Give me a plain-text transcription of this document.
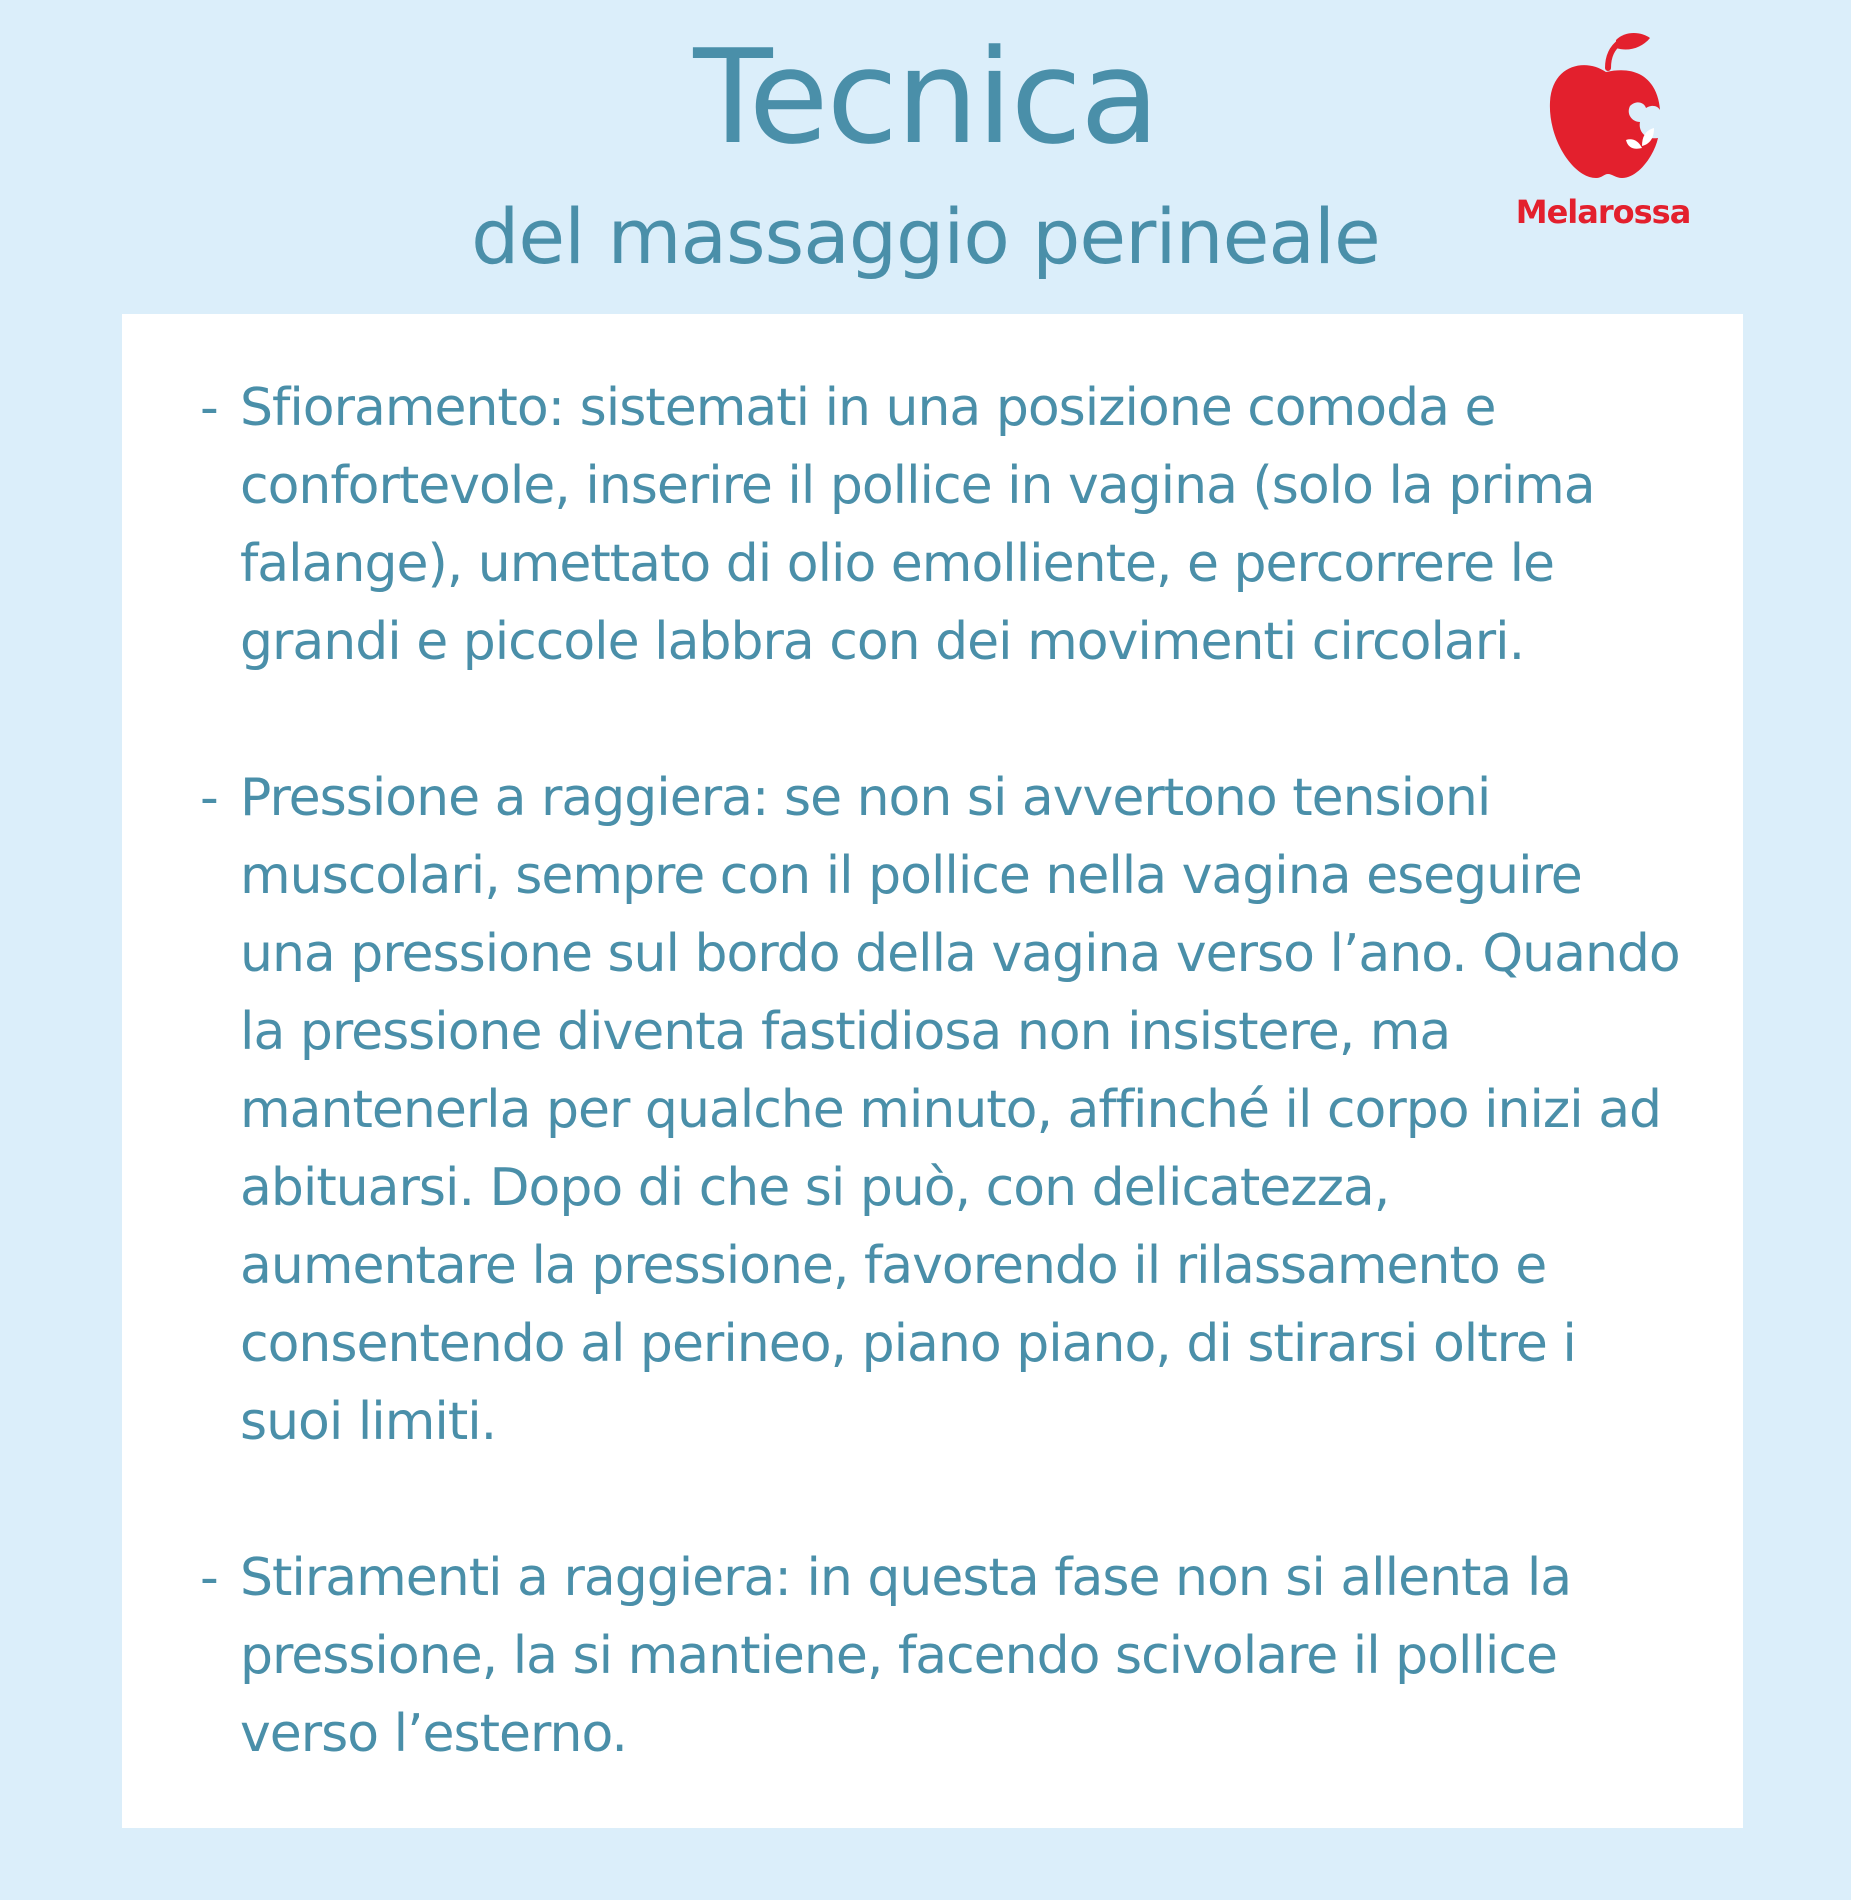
Tecnica
del massaggio perineale	Melarossa
- Sfioramento: sistemati in una posizione comoda e confortevole, inserire il pollice in vagina (solo la prima falange), umettato di olio emolliente, e percorrere le grandi e piccole labbra con dei movimenti circolari.
- Pressione a raggiera: se non si avvertono tensioni muscolari, sempre con il pollice nella vagina eseguire una pressione sul bordo della vagina verso l’ano. Quando la pressione diventa fastidiosa non insistere, ma mantenerla per qualche minuto, affinché il corpo inizi ad abituarsi. Dopo di che si può, con delicatezza, aumentare la pressione, favorendo il rilassamento e consentendo al perineo, piano piano, di stirarsi oltre i suoi limiti.
- Stiramenti a raggiera: in questa fase non si allenta la pressione, la si mantiene, facendo scivolare il pollice verso l’esterno.
